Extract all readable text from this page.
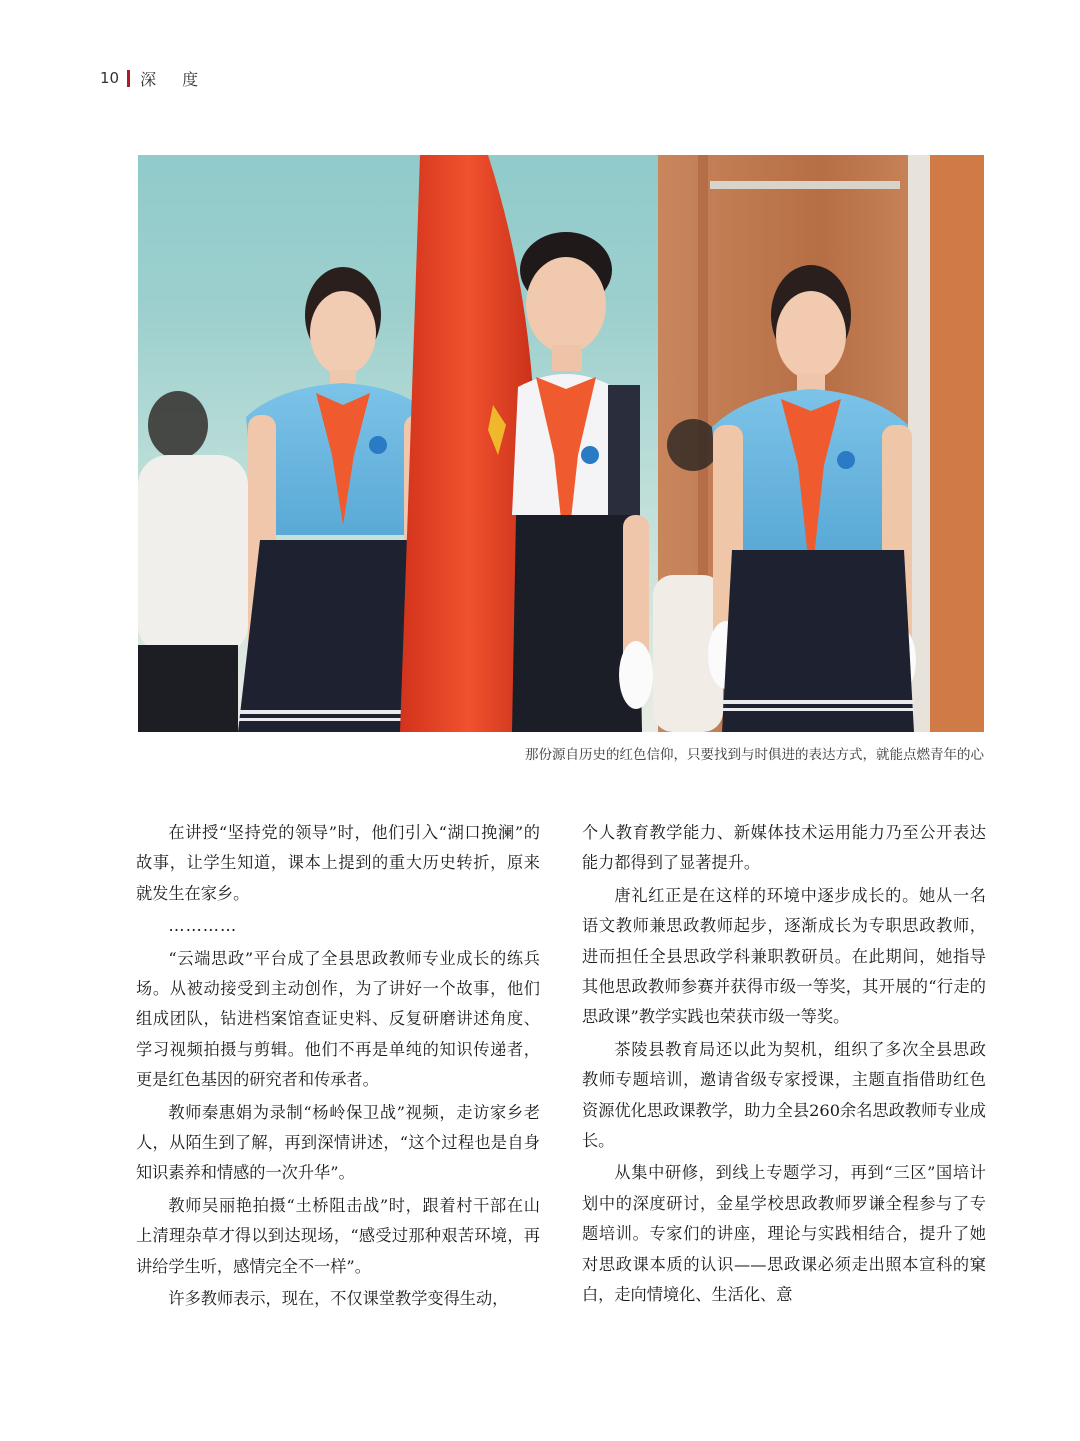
10 深度
那份源自历史的红色信仰，只要找到与时俱进的表达方式，就能点燃青年的心

在讲授“坚持党的领导”时，他们引入“湖口挽澜”的故事，让学生知道，课本上提到的重大历史转折，原来就发生在家乡。

…………

“云端思政”平台成了全县思政教师专业成长的练兵场。从被动接受到主动创作，为了讲好一个故事，他们组成团队，钻进档案馆查证史料、反复研磨讲述角度、学习视频拍摄与剪辑。他们不再是单纯的知识传递者，更是红色基因的研究者和传承者。

教师秦惠娟为录制“杨岭保卫战”视频，走访家乡老人，从陌生到了解，再到深情讲述，“这个过程也是自身知识素养和情感的一次升华”。

教师吴丽艳拍摄“土桥阻击战”时，跟着村干部在山上清理杂草才得以到达现场，“感受过那种艰苦环境，再讲给学生听，感情完全不一样”。

许多教师表示，现在，不仅课堂教学变得生动，

个人教育教学能力、新媒体技术运用能力乃至公开表达能力都得到了显著提升。

唐礼红正是在这样的环境中逐步成长的。她从一名语文教师兼思政教师起步，逐渐成长为专职思政教师，进而担任全县思政学科兼职教研员。在此期间，她指导其他思政教师参赛并获得市级一等奖，其开展的“行走的思政课”教学实践也荣获市级一等奖。

茶陵县教育局还以此为契机，组织了多次全县思政教师专题培训，邀请省级专家授课，主题直指借助红色资源优化思政课教学，助力全县260余名思政教师专业成长。

从集中研修，到线上专题学习，再到“三区”国培计划中的深度研讨，金星学校思政教师罗谦全程参与了专题培训。专家们的讲座，理论与实践相结合，提升了她对思政课本质的认识——思政课必须走出照本宣科的窠白，走向情境化、生活化、意
